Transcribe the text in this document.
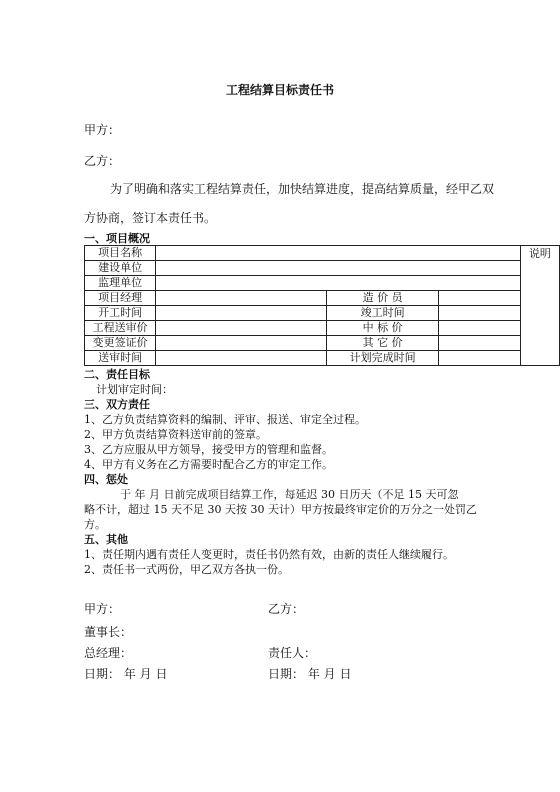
工程结算目标责任书
甲方：
乙方：
为了明确和落实工程结算责任，加快结算进度，提高结算质量，经甲乙双
方协商，签订本责任书。
一、项目概况
项目名称				说明
建设单位				
监理单位				
项目经理		造 价 员		
开工时间		竣工时间		
工程送审价		中 标 价		
变更签证价		其 它 价		
送审时间		计划完成时间		
二、责任目标
计划审定时间：
三、双方责任
1、乙方负责结算资料的编制、评审、报送、审定全过程。
2、甲方负责结算资料送审前的签章。
3、乙方应服从甲方领导，接受甲方的管理和监督。
4、甲方有义务在乙方需要时配合乙方的审定工作。
四、惩处
于 年 月 日前完成项目结算工作，每延迟 30 日历天（不足 15 天可忽
略不计，超过 15 天不足 30 天按 30 天计）甲方按最终审定价的万分之一处罚乙
方。
五、其他
1、责任期内遇有责任人变更时，责任书仍然有效，由新的责任人继续履行。
2、责任书一式两份，甲乙双方各执一份。
甲方：	乙方：
董事长：
总经理：	责任人：
日期： 年 月 日	日期： 年 月 日
